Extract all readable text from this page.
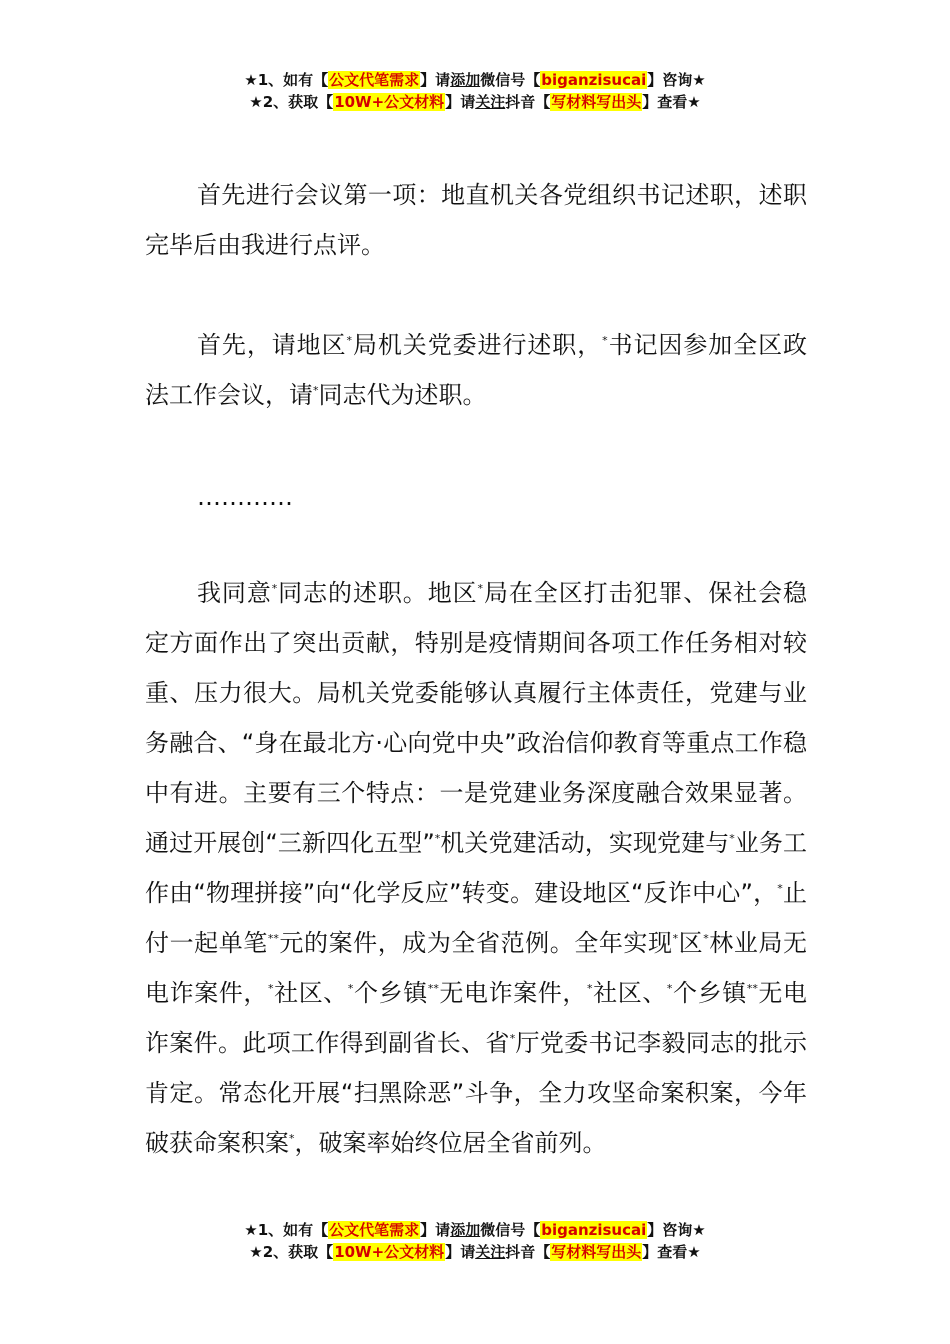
★1、如有【公文代笔需求】请添加微信号【biganzisucai】咨询★
★2、获取【10W+公文材料】请关注抖音【写材料写出头】查看★

首先进行会议第一项：地直机关各党组织书记述职，述职完毕后由我进行点评。

首先，请地区*局机关党委进行述职，*书记因参加全区政法工作会议，请*同志代为述职。

…………

我同意*同志的述职。地区*局在全区打击犯罪、保社会稳定方面作出了突出贡献，特别是疫情期间各项工作任务相对较重、压力很大。局机关党委能够认真履行主体责任，党建与业务融合、“身在最北方·心向党中央”政治信仰教育等重点工作稳中有进。主要有三个特点：一是党建业务深度融合效果显著。通过开展创“三新四化五型”*机关党建活动，实现党建与*业务工作由“物理拼接”向“化学反应”转变。建设地区“反诈中心”，*止付一起单笔**元的案件，成为全省范例。全年实现*区*林业局无电诈案件，*社区、*个乡镇**无电诈案件，*社区、*个乡镇**无电诈案件。此项工作得到副省长、省*厅党委书记李毅同志的批示肯定。常态化开展“扫黑除恶”斗争，全力攻坚命案积案，今年破获命案积案*，破案率始终位居全省前列。

★1、如有【公文代笔需求】请添加微信号【biganzisucai】咨询★
★2、获取【10W+公文材料】请关注抖音【写材料写出头】查看★
